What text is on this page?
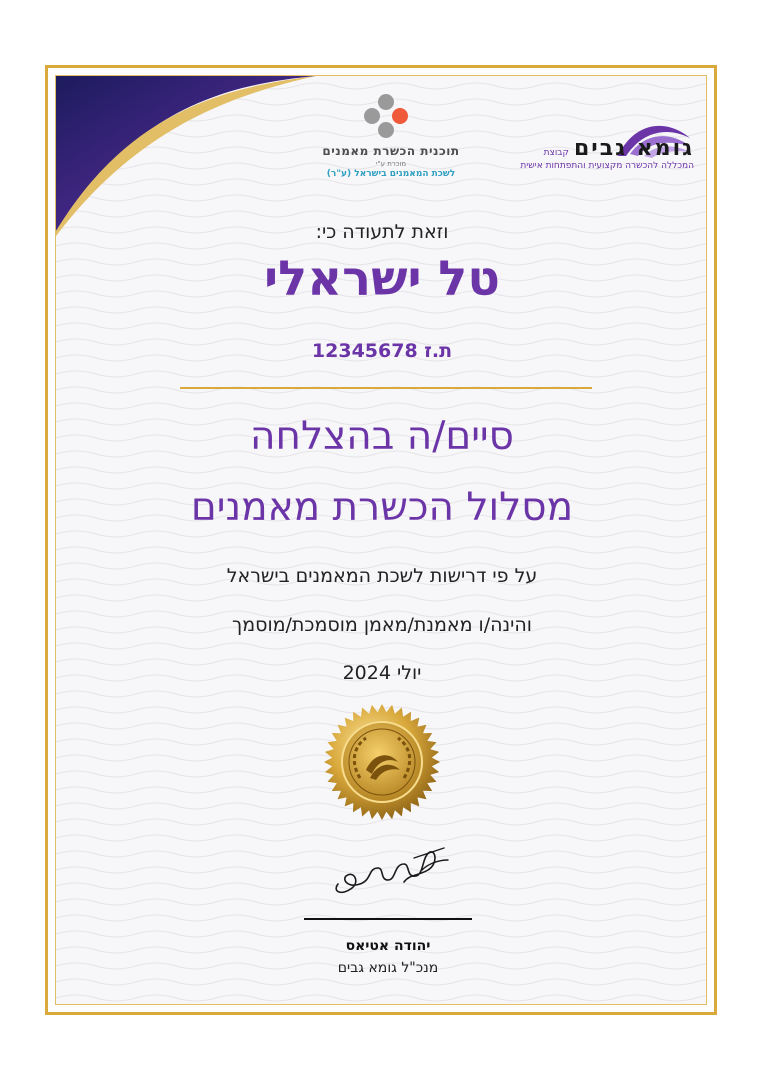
תוכנית הכשרת מאמנים
מוכרת ע"י
לשכת המאמנים בישראל (ע"ר)
גומא גבים קבוצת
המכללה להכשרה מקצועית והתפתחות אישית
וזאת לתעודה כי:
טל ישראלי
ת.ז 12345678
סיים/ה בהצלחה
מסלול הכשרת מאמנים
על פי דרישות לשכת המאמנים בישראל
והינה/ו מאמנת/מאמן מוסמכת/מוסמך
יולי 2024
יהודה אטיאס
מנכ"ל גומא גבים
